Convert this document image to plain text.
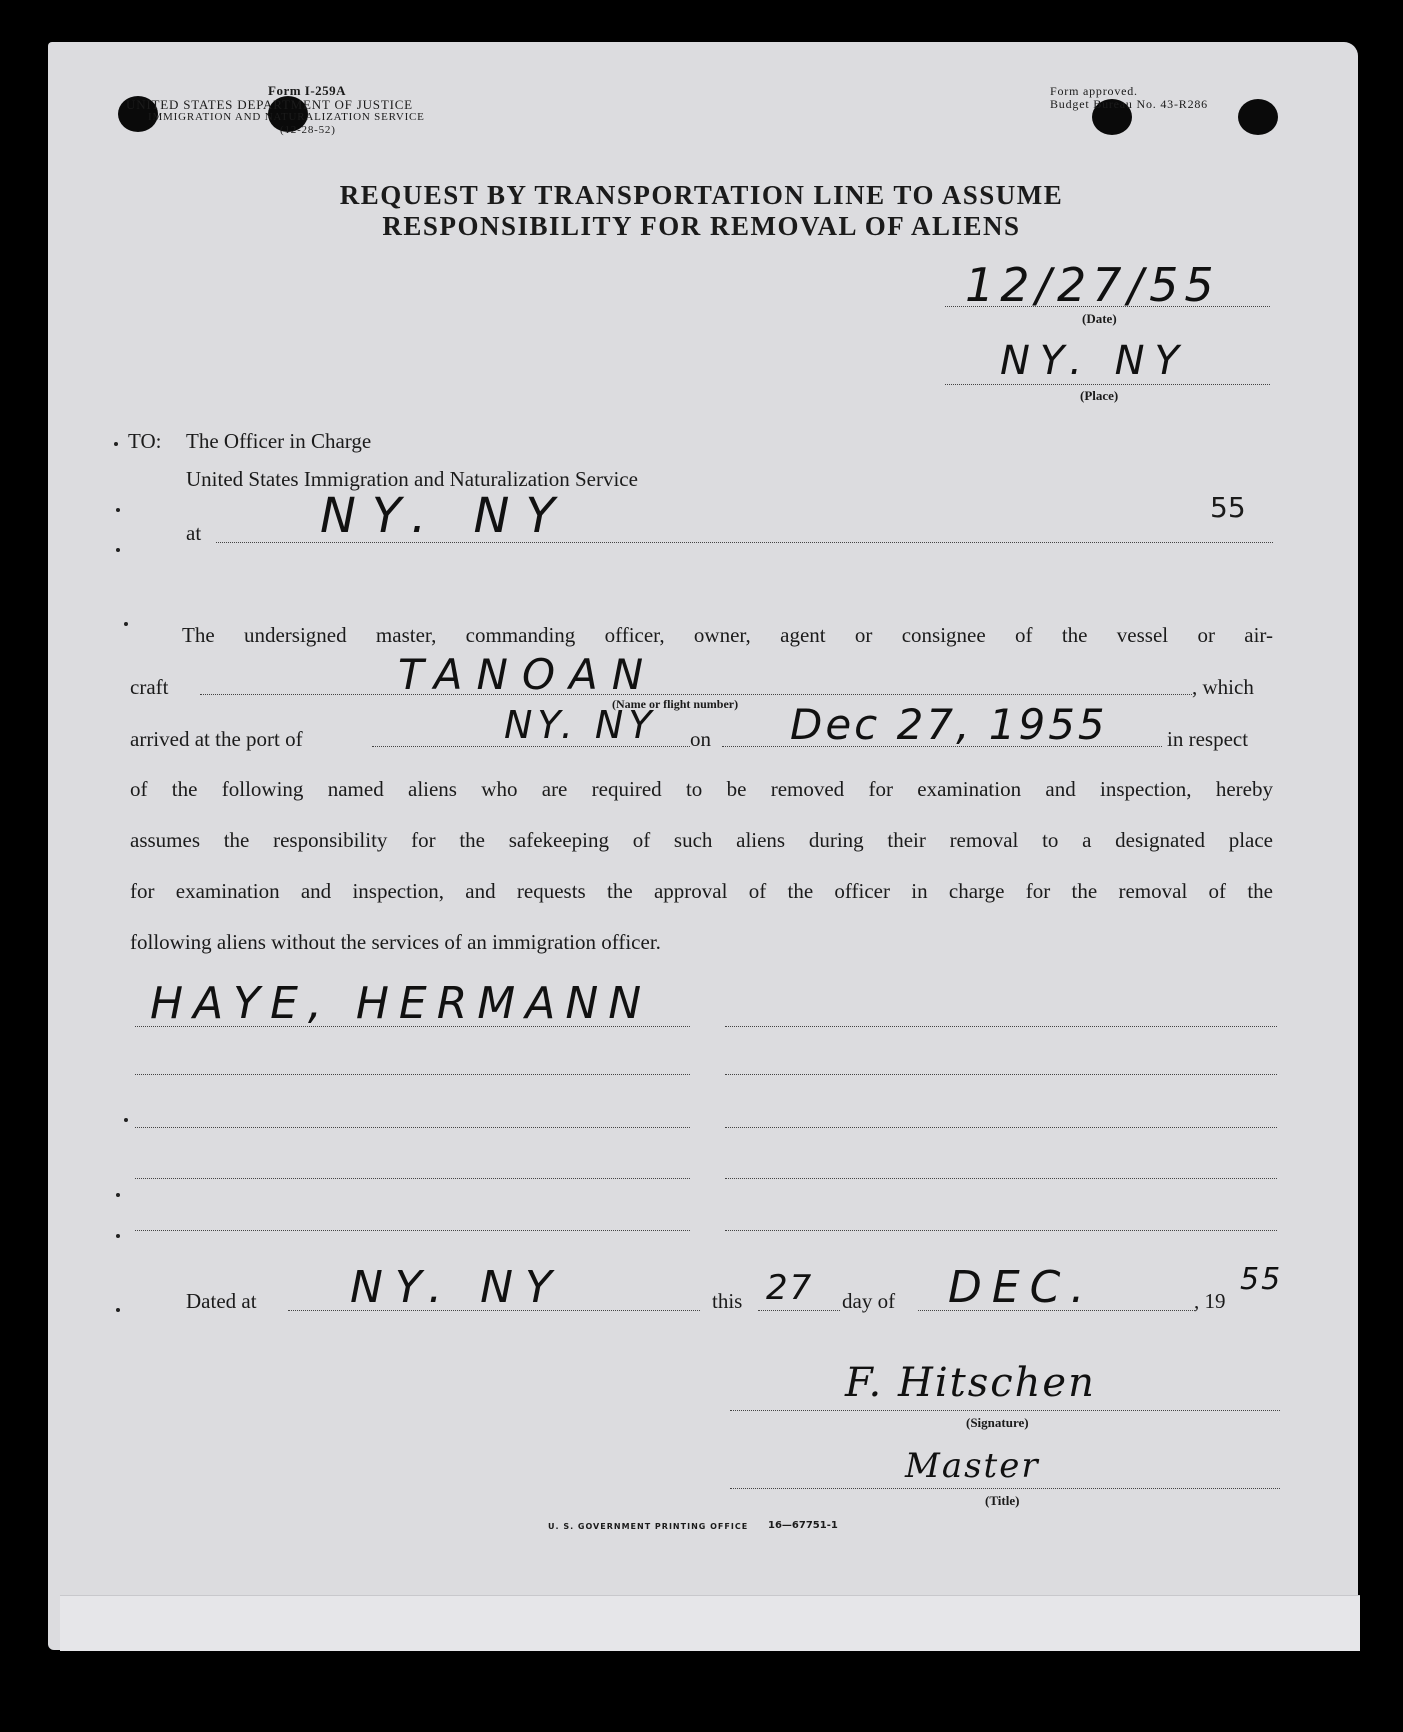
Form I-259A
UNITED STATES DEPARTMENT OF JUSTICE
IMMIGRATION AND NATURALIZATION SERVICE
(12-28-52)
Form approved.
Budget Bureau No. 43-R286
REQUEST BY TRANSPORTATION LINE TO ASSUME
RESPONSIBILITY FOR REMOVAL OF ALIENS
12/27/55
(Date)
NY. NY
(Place)
TO: The Officer in Charge
United States Immigration and Naturalization Service
at NY. NY	55
The undersigned master, commanding officer, owner, agent or consignee of the vessel or air-
craft	TANOAN	, which
(Name or flight number)
arrived at the port of	NY. NY on Dec 27, 1955	in respect
of the following named aliens who are required to be removed for examination and inspection, hereby
assumes the responsibility for the safekeeping of such aliens during their removal to a designated place
for examination and inspection, and requests the approval of the officer in charge for the removal of the
following aliens without the services of an immigration officer.
HAYE, HERMANN
Dated at NY. NY	this 27 day of DEC.	, 19
55
F. Hitschen
(Signature)
Master
(Title)
U. S. GOVERNMENT PRINTING OFFICE 16—67751-1
